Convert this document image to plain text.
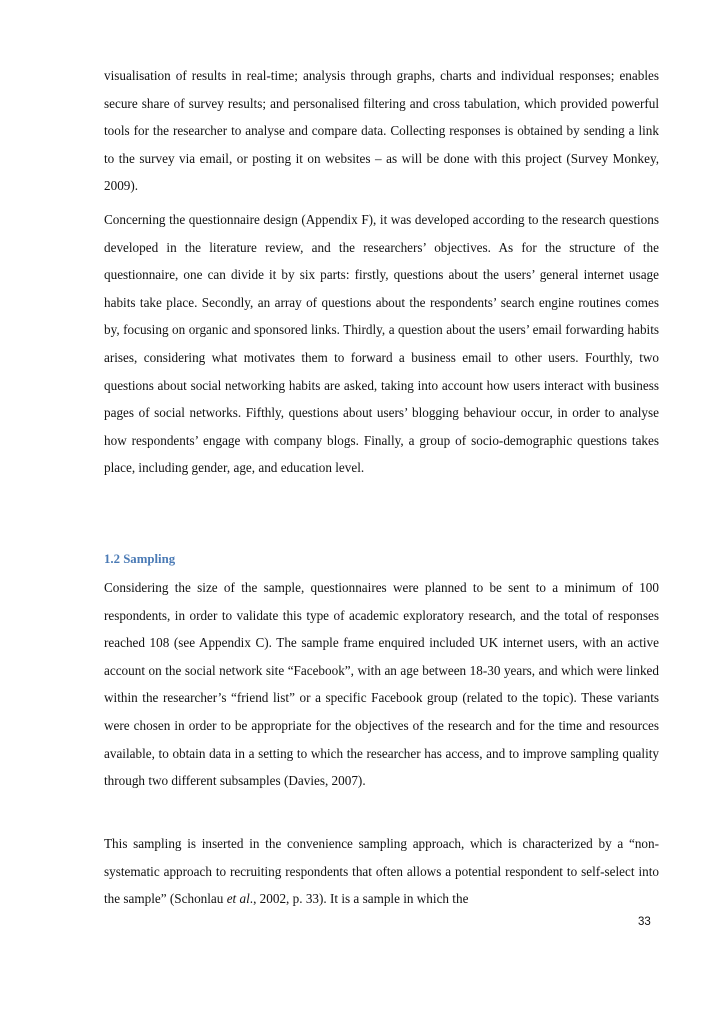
visualisation of results in real-time; analysis through graphs, charts and individual responses; enables secure share of survey results; and personalised filtering and cross tabulation, which provided powerful tools for the researcher to analyse and compare data. Collecting responses is obtained by sending a link to the survey via email, or posting it on websites – as will be done with this project (Survey Monkey, 2009).

Concerning the questionnaire design (Appendix F), it was developed according to the research questions developed in the literature review, and the researchers’ objectives. As for the structure of the questionnaire, one can divide it by six parts: firstly, questions about the users’ general internet usage habits take place. Secondly, an array of questions about the respondents’ search engine routines comes by, focusing on organic and sponsored links. Thirdly, a question about the users’ email forwarding habits arises, considering what motivates them to forward a business email to other users. Fourthly, two questions about social networking habits are asked, taking into account how users interact with business pages of social networks. Fifthly, questions about users’ blogging behaviour occur, in order to analyse how respondents’ engage with company blogs. Finally, a group of socio-demographic questions takes place, including gender, age, and education level.

1.2 Sampling

Considering the size of the sample, questionnaires were planned to be sent to a minimum of 100 respondents, in order to validate this type of academic exploratory research, and the total of responses reached 108 (see Appendix C). The sample frame enquired included UK internet users, with an active account on the social network site “Facebook”, with an age between 18-30 years, and which were linked within the researcher’s “friend list” or a specific Facebook group (related to the topic). These variants were chosen in order to be appropriate for the objectives of the research and for the time and resources available, to obtain data in a setting to which the researcher has access, and to improve sampling quality through two different subsamples (Davies, 2007).

This sampling is inserted in the convenience sampling approach, which is characterized by a “non-systematic approach to recruiting respondents that often allows a potential respondent to self-select into the sample” (Schonlau et al., 2002, p. 33). It is a sample in which the

33
